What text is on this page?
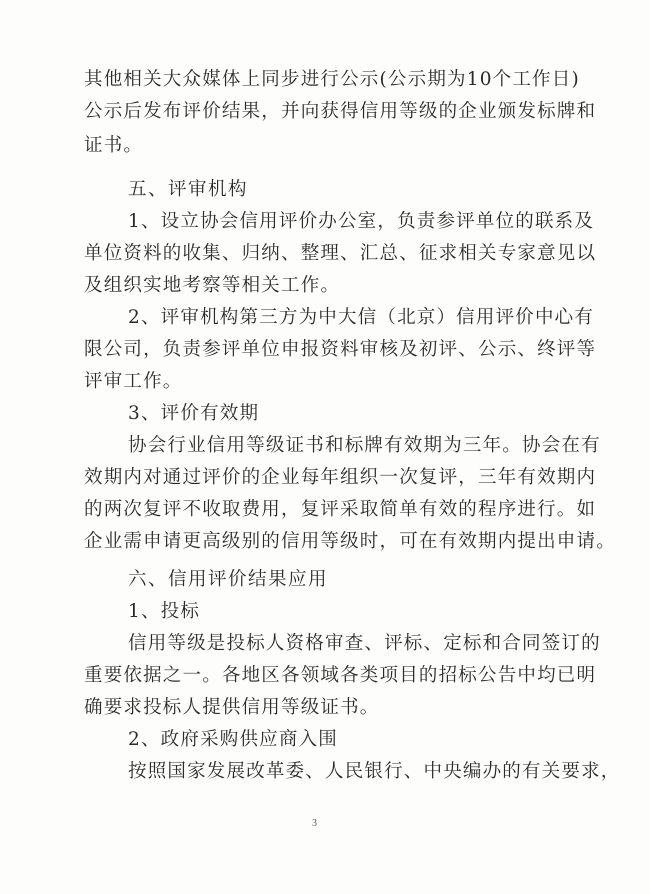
其他相关大众媒体上同步进行公示(公示期为10个工作日)
公示后发布评价结果，并向获得信用等级的企业颁发标牌和
证书。
五、评审机构
1、设立协会信用评价办公室，负责参评单位的联系及
单位资料的收集、归纳、整理、汇总、征求相关专家意见以
及组织实地考察等相关工作。
2、评审机构第三方为中大信（北京）信用评价中心有
限公司，负责参评单位申报资料审核及初评、公示、终评等
评审工作。
3、评价有效期
协会行业信用等级证书和标牌有效期为三年。协会在有
效期内对通过评价的企业每年组织一次复评，三年有效期内
的两次复评不收取费用，复评采取简单有效的程序进行。如
企业需申请更高级别的信用等级时，可在有效期内提出申请。
六、信用评价结果应用
1、投标
信用等级是投标人资格审查、评标、定标和合同签订的
重要依据之一。各地区各领域各类项目的招标公告中均已明
确要求投标人提供信用等级证书。
2、政府采购供应商入围
按照国家发展改革委、人民银行、中央编办的有关要求，
3
